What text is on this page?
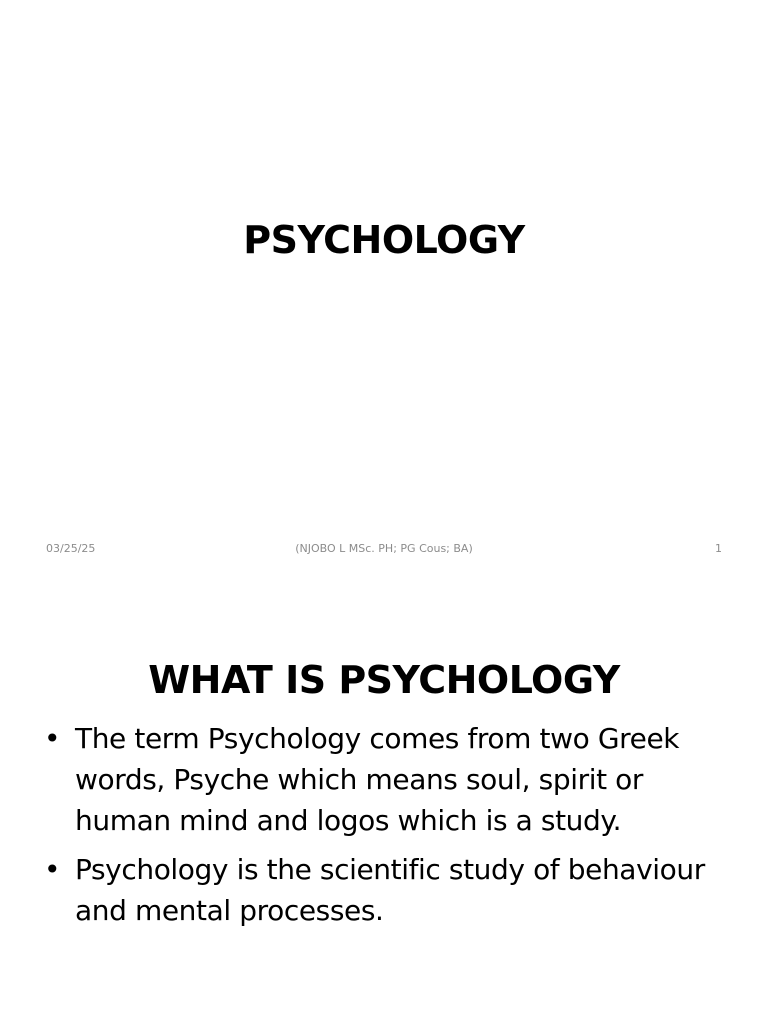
PSYCHOLOGY
03/25/25	(NJOBO L MSc. PH; PG Cous; BA)	1
WHAT IS PSYCHOLOGY
• The term Psychology comes from two Greek words, Psyche which means soul, spirit or human mind and logos which is a study.
• Psychology is the scientific study of behaviour and mental processes.
